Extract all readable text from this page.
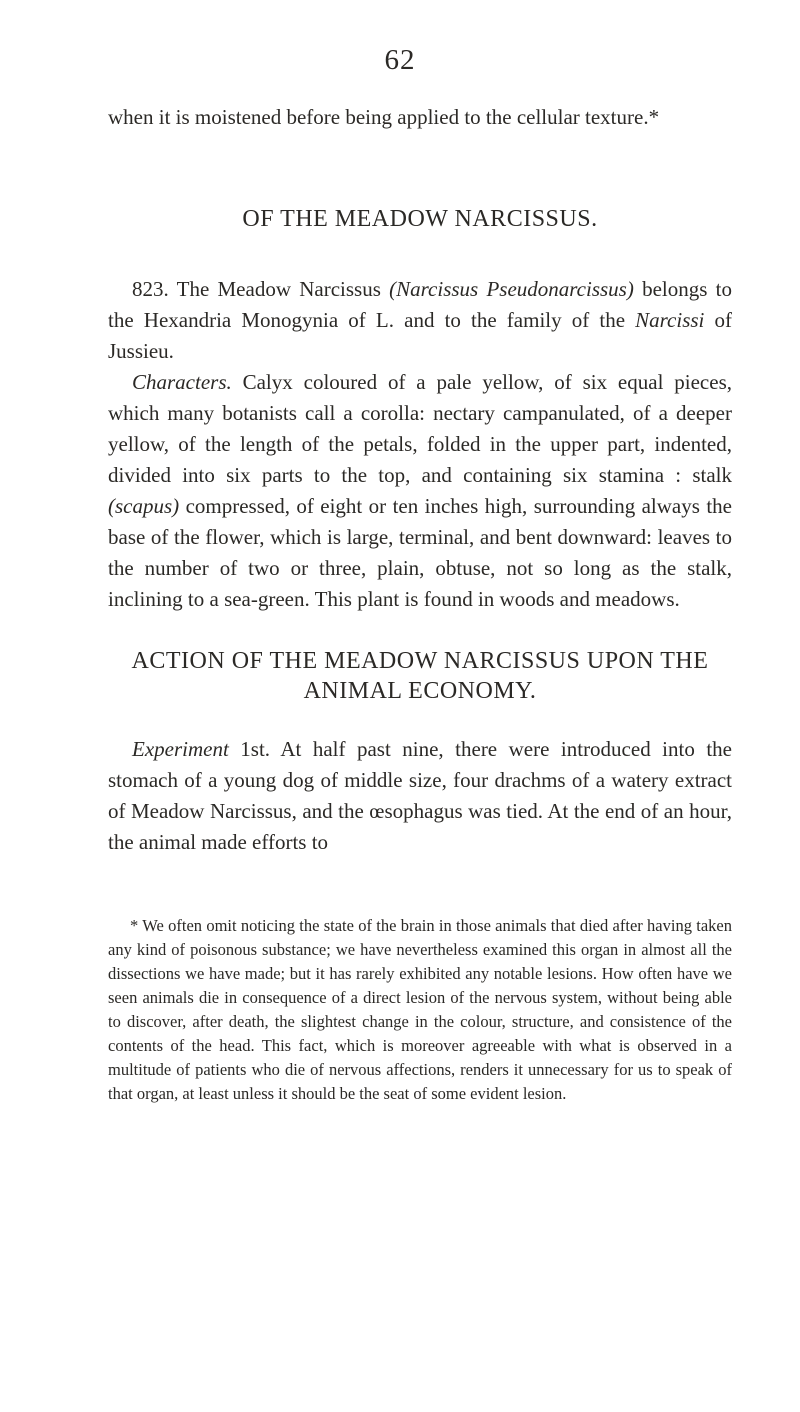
62

when it is moistened before being applied to the cellular texture.*

OF THE MEADOW NARCISSUS.

823. The Meadow Narcissus (Narcissus Pseudonarcissus) belongs to the Hexandria Monogynia of L. and to the family of the Narcissi of Jussieu.

Characters. Calyx coloured of a pale yellow, of six equal pieces, which many botanists call a corolla: nectary campanulated, of a deeper yellow, of the length of the petals, folded in the upper part, indented, divided into six parts to the top, and containing six stamina : stalk (scapus) compressed, of eight or ten inches high, surrounding always the base of the flower, which is large, terminal, and bent downward: leaves to the number of two or three, plain, obtuse, not so long as the stalk, inclining to a sea-green. This plant is found in woods and meadows.

ACTION OF THE MEADOW NARCISSUS UPON THE ANIMAL ECONOMY.

Experiment 1st. At half past nine, there were introduced into the stomach of a young dog of middle size, four drachms of a watery extract of Meadow Narcissus, and the œsophagus was tied. At the end of an hour, the animal made efforts to

* We often omit noticing the state of the brain in those animals that died after having taken any kind of poisonous substance; we have nevertheless examined this organ in almost all the dissections we have made; but it has rarely exhibited any notable lesions. How often have we seen animals die in consequence of a direct lesion of the nervous system, without being able to discover, after death, the slightest change in the colour, structure, and consistence of the contents of the head. This fact, which is moreover agreeable with what is observed in a multitude of patients who die of nervous affections, renders it unnecessary for us to speak of that organ, at least unless it should be the seat of some evident lesion.
